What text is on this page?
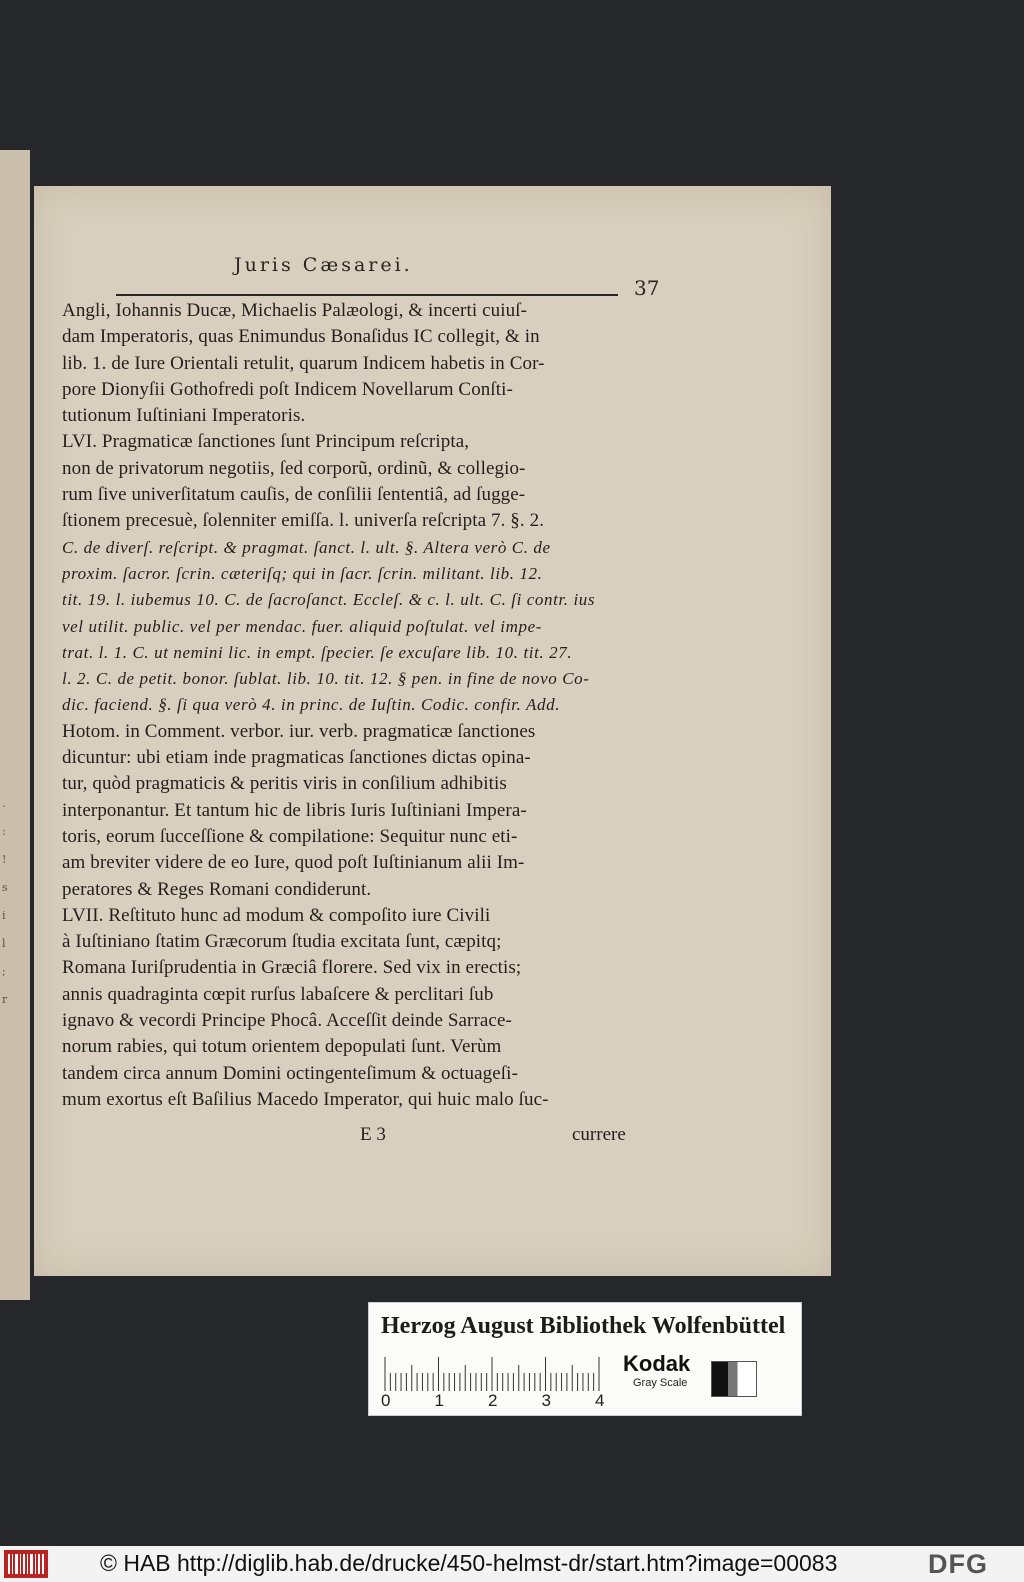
.
:
!
s
i
l
;
r
Juris Cæsarei.
37
Angli, Iohannis Ducæ, Michaelis Palæologi, & incerti cuiuſ-
dam Imperatoris, quas Enimundus Bonaſidus IC collegit, & in
lib. 1. de Iure Orientali retulit, quarum Indicem habetis in Cor-
pore Dionyſii Gothofredi poſt Indicem Novellarum Conſti-
tutionum Iuſtiniani Imperatoris.
LVI. Pragmaticæ ſanctiones ſunt Principum reſcripta,
non de privatorum negotiis, ſed corporũ, ordinũ, & collegio-
rum ſive univerſitatum cauſis, de conſilii ſententiâ, ad ſugge-
ſtionem precesuè, ſolenniter emiſſa. l. univerſa reſcripta 7. §. 2.
C. de diverſ. reſcript. & pragmat. ſanct. l. ult. §. Altera verò C. de
proxim. ſacror. ſcrin. cæteriſq; qui in ſacr. ſcrin. militant. lib. 12.
tit. 19. l. iubemus 10. C. de ſacroſanct. Eccleſ. & c. l. ult. C. ſi contr. ius
vel utilit. public. vel per mendac. fuer. aliquid poſtulat. vel impe-
trat. l. 1. C. ut nemini lic. in empt. ſpecier. ſe excuſare lib. 10. tit. 27.
l. 2. C. de petit. bonor. ſublat. lib. 10. tit. 12. § pen. in fine de novo Co-
dic. faciend. §. ſi qua verò 4. in princ. de Iuſtin. Codic. confir. Add.
Hotom. in Comment. verbor. iur. verb. pragmaticæ ſanctiones
dicuntur: ubi etiam inde pragmaticas ſanctiones dictas opina-
tur, quòd pragmaticis & peritis viris in conſilium adhibitis
interponantur. Et tantum hic de libris Iuris Iuſtiniani Impera-
toris, eorum ſucceſſione & compilatione: Sequitur nunc eti-
am breviter videre de eo Iure, quod poſt Iuſtinianum alii Im-
peratores & Reges Romani condiderunt.
LVII. Reſtituto hunc ad modum & compoſito iure Civili
à Iuſtiniano ſtatim Græcorum ſtudia excitata ſunt, cæpitq;
Romana Iuriſprudentia in Græciâ florere. Sed vix in erectis;
annis quadraginta cœpit rurſus labaſcere & perclitari ſub
ignavo & vecordi Principe Phocâ. Acceſſit deinde Sarrace-
norum rabies, qui totum orientem depopulati ſunt. Verùm
tandem circa annum Domini octingenteſimum & octuageſi-
mum exortus eſt Baſilius Macedo Imperator, qui huic malo ſuc-
E 3	currere
Herzog August Bibliothek Wolfenbüttel
0	1	2	3	4
Kodak
Gray Scale
© HAB http://diglib.hab.de/drucke/450-helmst-dr/start.htm?image=00083	DFG
